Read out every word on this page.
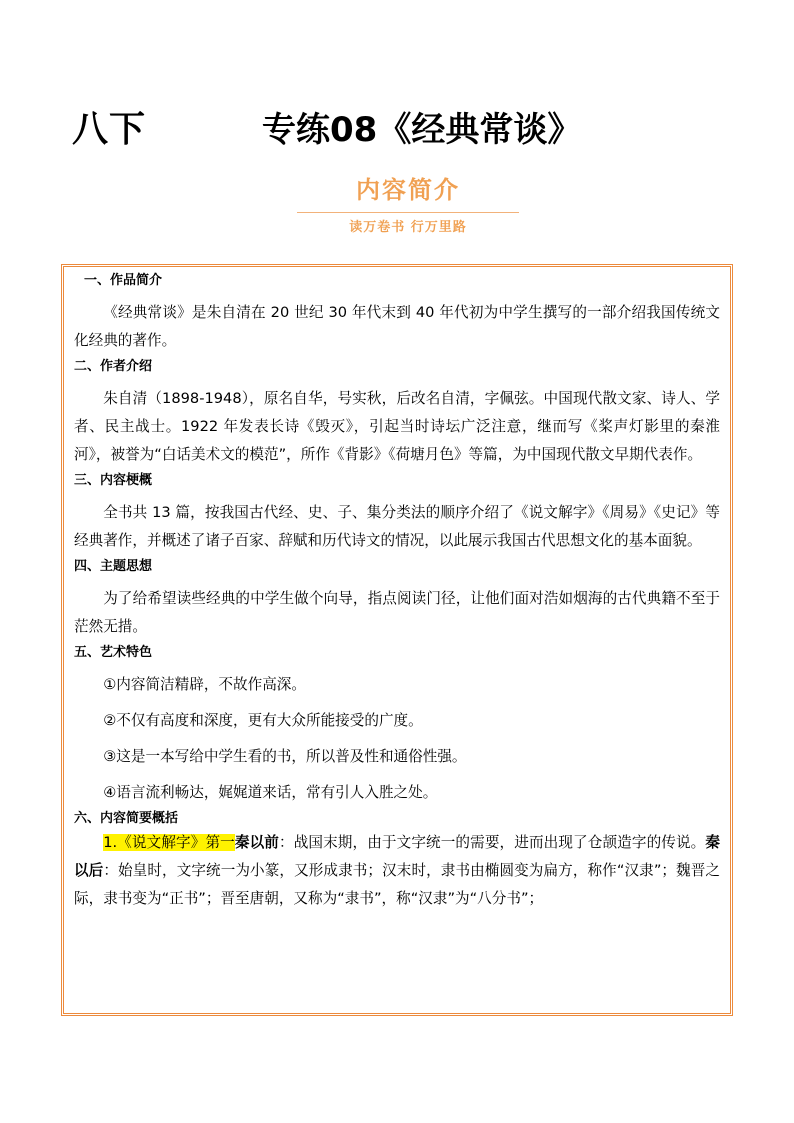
八下	专练08《经典常谈》
内容简介
读万卷书 行万里路
一、作品简介

《经典常谈》是朱自清在 20 世纪 30 年代末到 40 年代初为中学生撰写的一部介绍我国传统文化经典的著作。

二、作者介绍

朱自清（1898-1948），原名自华，号实秋，后改名自清，字佩弦。中国现代散文家、诗人、学者、民主战士。1922 年发表长诗《毁灭》，引起当时诗坛广泛注意，继而写《桨声灯影里的秦淮河》，被誉为“白话美术文的模范”，所作《背影》《荷塘月色》等篇，为中国现代散文早期代表作。

三、内容梗概

全书共 13 篇，按我国古代经、史、子、集分类法的顺序介绍了《说文解字》《周易》《史记》等经典著作，并概述了诸子百家、辞赋和历代诗文的情况，以此展示我国古代思想文化的基本面貌。

四、主题思想

为了给希望读些经典的中学生做个向导，指点阅读门径，让他们面对浩如烟海的古代典籍不至于茫然无措。

五、艺术特色

①内容简洁精辟，不故作高深。

②不仅有高度和深度，更有大众所能接受的广度。

③这是一本写给中学生看的书，所以普及性和通俗性强。

④语言流利畅达，娓娓道来话，常有引人入胜之处。

六、内容简要概括

1.《说文解字》第一秦以前：战国末期，由于文字统一的需要，进而出现了仓颉造字的传说。秦以后：始皇时，文字统一为小篆，又形成隶书；汉末时，隶书由椭圆变为扁方，称作“汉隶”；魏晋之际，隶书变为“正书”；晋至唐朝，又称为“隶书”，称“汉隶”为“八分书”；
